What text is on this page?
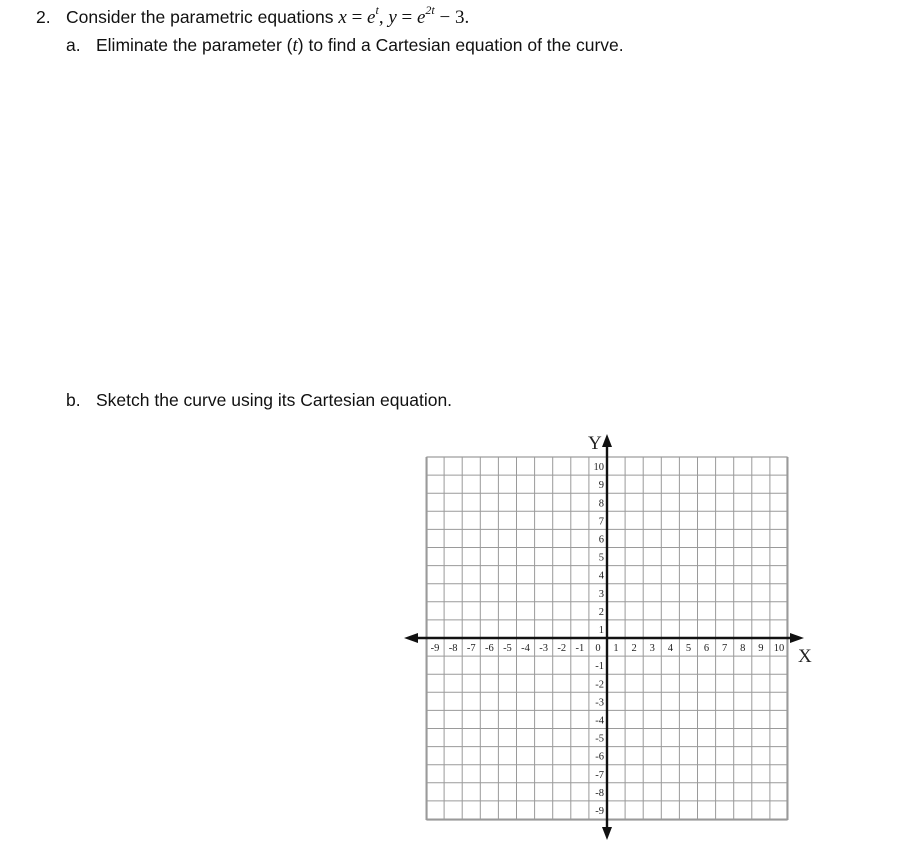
2. Consider the parametric equations $x = e^t$, $y = e^{2t} - 3$.
a. Eliminate the parameter (t) to find a Cartesian equation of the curve.
b. Sketch the curve using its Cartesian equation.
X
Y
-9 -8 -7 -6 -5 -4 -3 -2 -1 0 1 2 3 4 5 6 7 8 9 10
10
9
8
7
6
5
4
3
2
1
-1
-2
-3
-4
-5
-6
-7
-8
-9
